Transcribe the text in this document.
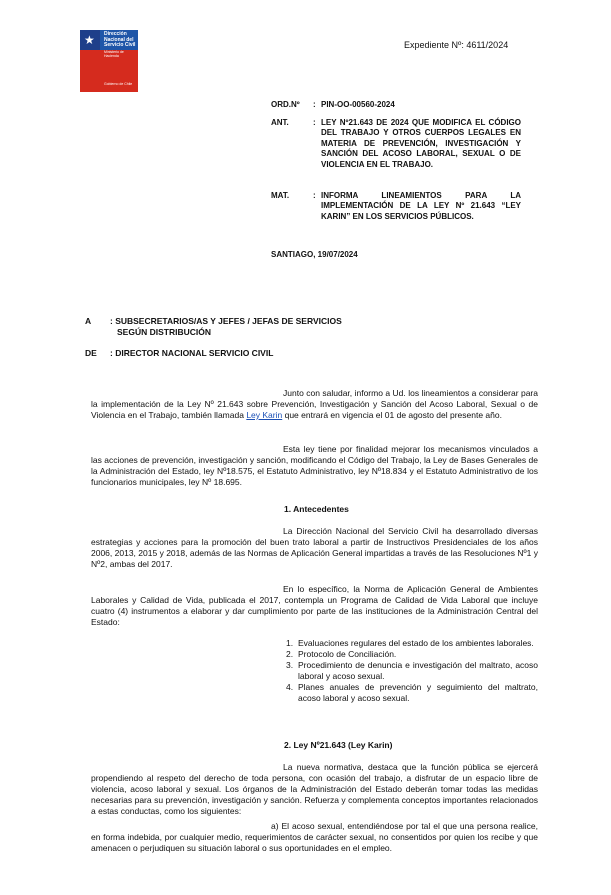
★ Dirección Nacional del Servicio Civil
Ministerio de Hacienda
Gobierno de Chile
Expediente Nº: 4611/2024
ORD.Nº : PIN-OO-00560-2024
ANT.	: LEY Nº21.643 DE 2024 QUE MODIFICA EL CÓDIGO DEL TRABAJO Y OTROS CUERPOS LEGALES EN MATERIA DE PREVENCIÓN, INVESTIGACIÓN Y SANCIÓN DEL ACOSO LABORAL, SEXUAL O DE VIOLENCIA EN EL TRABAJO.
MAT.	: INFORMA LINEAMIENTOS PARA LA IMPLEMENTACIÓN DE LA LEY Nº 21.643 “LEY KARIN” EN LOS SERVICIOS PÚBLICOS.
SANTIAGO, 19/07/2024
A : SUBSECRETARIOS/AS Y JEFES / JEFAS DE SERVICIOS
SEGÚN DISTRIBUCIÓN
DE : DIRECTOR NACIONAL SERVICIO CIVIL
Junto con saludar, informo a Ud. los lineamientos a considerar para la implementación de la Ley Nº 21.643 sobre Prevención, Investigación y Sanción del Acoso Laboral, Sexual o de Violencia en el Trabajo, también llamada Ley Karin que entrará en vigencia el 01 de agosto del presente año.
Esta ley tiene por finalidad mejorar los mecanismos vinculados a las acciones de prevención, investigación y sanción, modificando el Código del Trabajo, la Ley de Bases Generales de la Administración del Estado, ley Nº18.575, el Estatuto Administrativo, ley Nº18.834 y el Estatuto Administrativo de los funcionarios municipales, ley Nº 18.695.
1. Antecedentes
La Dirección Nacional del Servicio Civil ha desarrollado diversas estrategias y acciones para la promoción del buen trato laboral a partir de Instructivos Presidenciales de los años 2006, 2013, 2015 y 2018, además de las Normas de Aplicación General impartidas a través de las Resoluciones Nº1 y Nº2, ambas del 2017.
En lo específico, la Norma de Aplicación General de Ambientes Laborales y Calidad de Vida, publicada el 2017, contempla un Programa de Calidad de Vida Laboral que incluye cuatro (4) instrumentos a elaborar y dar cumplimiento por parte de las instituciones de la Administración Central del Estado:
1. Evaluaciones regulares del estado de los ambientes laborales.
2. Protocolo de Conciliación.
3. Procedimiento de denuncia e investigación del maltrato, acoso laboral y acoso sexual.
4. Planes anuales de prevención y seguimiento del maltrato, acoso laboral y acoso sexual.
2. Ley Nº21.643 (Ley Karin)
La nueva normativa, destaca que la función pública se ejercerá propendiendo al respeto del derecho de toda persona, con ocasión del trabajo, a disfrutar de un espacio libre de violencia, acoso laboral y sexual. Los órganos de la Administración del Estado deberán tomar todas las medidas necesarias para su prevención, investigación y sanción. Refuerza y complementa conceptos importantes relacionados a estas conductas, como los siguientes:
a) El acoso sexual, entendiéndose por tal el que una persona realice, en forma indebida, por cualquier medio, requerimientos de carácter sexual, no consentidos por quien los recibe y que amenacen o perjudiquen su situación laboral o sus oportunidades en el empleo.
